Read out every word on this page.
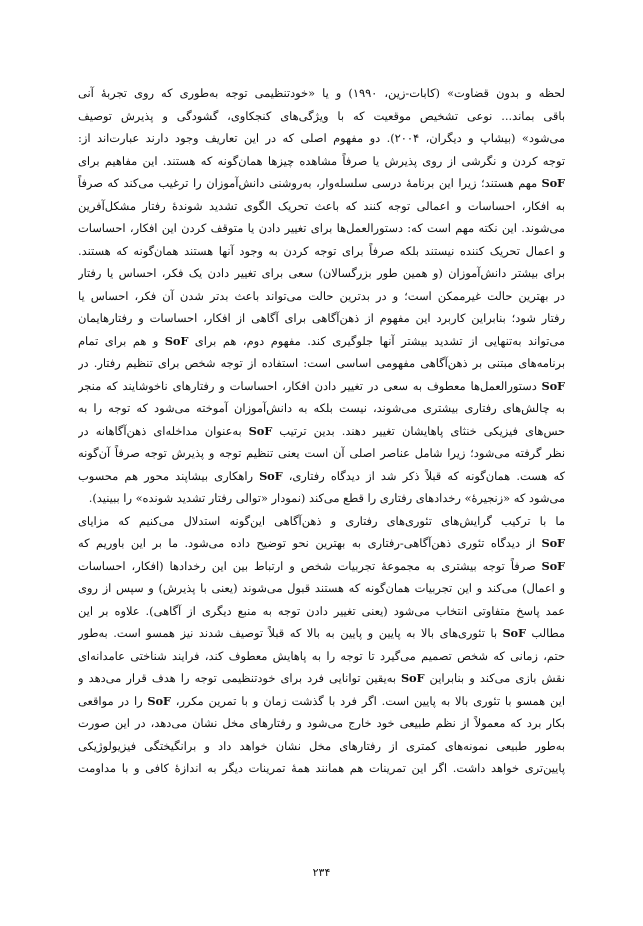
لحظه و بدون قضاوت» (کابات-زین، ۱۹۹۰) و یا «خودتنظیمی توجه به‌طوری که روی تجربهٔ آنی
باقی بماند... نوعی تشخیص موقعیت که با ویژگی‌های کنجکاوی، گشودگی و پذیرش توصیف
می‌شود» (بیشاپ و دیگران، ۲۰۰۴). دو مفهوم اصلی که در این تعاریف وجود دارند عبارت‌اند از:
توجه کردن و نگرشی از روی پذیرش یا صرفاً مشاهده چیزها همان‌گونه که هستند. این مفاهیم برای
SoF مهم هستند؛ زیرا این برنامهٔ درسی سلسله‌وار، به‌روشنی دانش‌آموزان را ترغیب می‌کند که صرفاً
به افکار، احساسات و اعمالی توجه کنند که باعث تحریک الگوی تشدید شوندهٔ رفتار مشکل‌آفرین
می‌شوند. این نکته مهم است که: دستورالعمل‌ها برای تغییر دادن یا متوقف کردن این افکار، احساسات
و اعمال تحریک کننده نیستند بلکه صرفاً برای توجه کردن به وجود آنها هستند همان‌گونه که هستند.
برای بیشتر دانش‌آموزان (و همین طور بزرگسالان) سعی برای تغییر دادن یک فکر، احساس یا رفتار
در بهترین حالت غیرممکن است؛ و در بدترین حالت می‌تواند باعث بدتر شدن آن فکر، احساس یا
رفتار شود؛ بنابراین کاربرد این مفهوم از ذهن‌آگاهی برای آگاهی از افکار، احساسات و رفتارهایمان
می‌تواند به‌تنهایی از تشدید بیشتر آنها جلوگیری کند. مفهوم دوم، هم برای SoF و هم برای تمام
برنامه‌های مبتنی بر ذهن‌آگاهی مفهومی اساسی است: استفاده از توجه شخص برای تنظیم رفتار. در
SoF دستورالعمل‌ها معطوف به سعی در تغییر دادن افکار، احساسات و رفتارهای ناخوشایند که منجر
به چالش‌های رفتاری بیشتری می‌شوند، نیست بلکه به دانش‌آموزان آموخته می‌شود که توجه را به
حس‌های فیزیکی خنثای پاهایشان تغییر دهند. بدین ترتیب SoF به‌عنوان مداخله‌ای ذهن‌آگاهانه در
نظر گرفته می‌شود؛ زیرا شامل عناصر اصلی آن است یعنی تنظیم توجه و پذیرش توجه صرفاً آن‌گونه
که هست. همان‌گونه که قبلاً ذکر شد از دیدگاه رفتاری، SoF راهکاری بیشاپند محور هم محسوب
می‌شود که «زنجیرهٔ» رخدادهای رفتاری را قطع می‌کند (نمودار «توالی رفتار تشدید شونده» را ببینید).
ما با ترکیب گرایش‌های تئوری‌های رفتاری و ذهن‌آگاهی این‌گونه استدلال می‌کنیم که مزایای
SoF از دیدگاه تئوری ذهن‌آگاهی-رفتاری به بهترین نحو توضیح داده می‌شود. ما بر این باوریم که
SoF صرفاً توجه بیشتری به مجموعهٔ تجربیات شخص و ارتباط بین این رخدادها (افکار، احساسات
و اعمال) می‌کند و این تجربیات همان‌گونه که هستند قبول می‌شوند (یعنی با پذیرش) و سپس از روی
عمد پاسخ متفاوتی انتخاب می‌شود (یعنی تغییر دادن توجه به منبع دیگری از آگاهی). علاوه بر این
مطالب SoF با تئوری‌های بالا به پایین و پایین به بالا که قبلاً توصیف شدند نیز همسو است. به‌طور
حتم، زمانی که شخص تصمیم می‌گیرد تا توجه را به پاهایش معطوف کند، فرایند شناختی عامدانه‌ای
نقش بازی می‌کند و بنابراین SoF به‌یقین توانایی فرد برای خودتنظیمی توجه را هدف قرار می‌دهد و
این همسو با تئوری بالا به پایین است. اگر فرد با گذشت زمان و با تمرین مکرر، SoF را در مواقعی
بکار برد که معمولاً از نظم طبیعی خود خارج می‌شود و رفتارهای مخل نشان می‌دهد، در این صورت
به‌طور طبیعی نمونه‌های کمتری از رفتارهای مخل نشان خواهد داد و برانگیختگی فیزیولوژیکی
پایین‌تری خواهد داشت. اگر این تمرینات هم همانند همهٔ تمرینات دیگر به اندازهٔ کافی و با مداومت
۲۳۴
